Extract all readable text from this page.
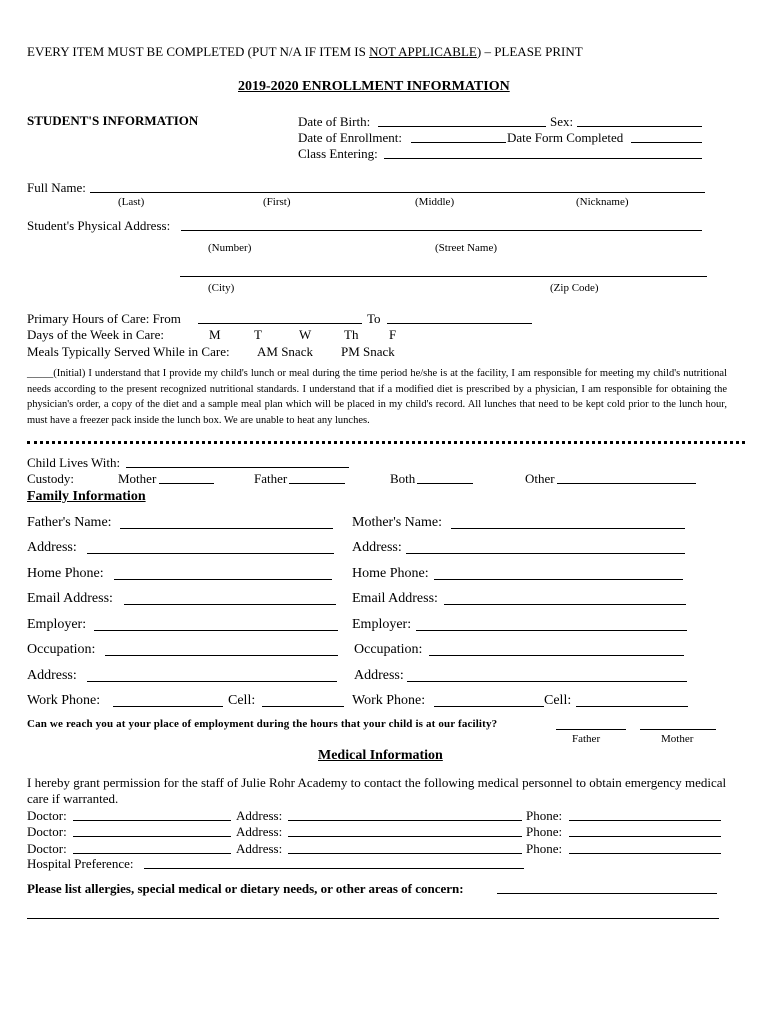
EVERY ITEM MUST BE COMPLETED (PUT N/A IF ITEM IS NOT APPLICABLE) – PLEASE PRINT
2019-2020 ENROLLMENT INFORMATION
STUDENT'S INFORMATION	Date of Birth:	Sex:
Date of Enrollment:	Date Form Completed
Class Entering:
Full Name:
(Last)	(First)	(Middle)	(Nickname)
Student's Physical Address:
(Number)	(Street Name)
(City)	(Zip Code)
Primary Hours of Care: From	To
Days of the Week in Care:	M	T	W	Th F
Meals Typically Served While in Care: AM Snack PM Snack
_____(Initial) I understand that I provide my child's lunch or meal during the time period he/she is at the facility, I am responsible for meeting my child's nutritional needs according to the present recognized nutritional standards. I understand that if a modified diet is prescribed by a physician, I am responsible for obtaining the physician's order, a copy of the diet and a sample meal plan which will be placed in my child's record. All lunches that need to be kept cold prior to the lunch hour, must have a freezer pack inside the lunch box. We are unable to heat any lunches.
Child Lives With:
Custody:	Mother	Father	Both	Other
Family Information
Father's Name:
Address:
Home Phone:
Email Address:
Employer:
Occupation:
Address:
Work Phone:	Cell:
Mother's Name:
Address:
Home Phone:
Email Address:
Employer:
Occupation:
Address:
Work Phone:	Cell:
Can we reach you at your place of employment during the hours that your child is at our facility?
Father	Mother
Medical Information
I hereby grant permission for the staff of Julie Rohr Academy to contact the following medical personnel to obtain emergency medical care if warranted.
Doctor:	Address:	Phone:
Doctor:	Address:	Phone:
Doctor:	Address:	Phone:
Hospital Preference:
Please list allergies, special medical or dietary needs, or other areas of concern:
